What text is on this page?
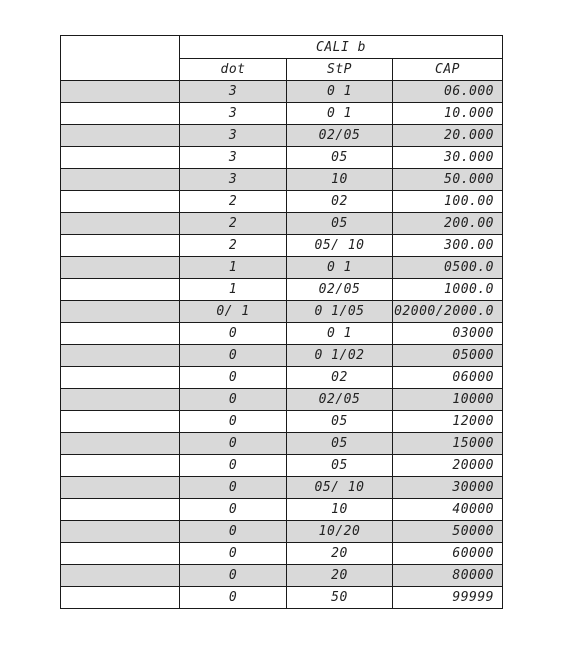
	CALI b		
	dot	StP	CAP
	3	0 1	06.000
	3	0 1	10.000
	3	02/05	20.000
	3	05	30.000
	3	10	50.000
	2	02	100.00
	2	05	200.00
	2	05/ 10	300.00
	1	0 1	0500.0
	1	02/05	1000.0
	0/ 1	0 1/05	02000/2000.0
	0	0 1	03000
	0	0 1/02	05000
	0	02	06000
	0	02/05	10000
	0	05	12000
	0	05	15000
	0	05	20000
	0	05/ 10	30000
	0	10	40000
	0	10/20	50000
	0	20	60000
	0	20	80000
	0	50	99999
